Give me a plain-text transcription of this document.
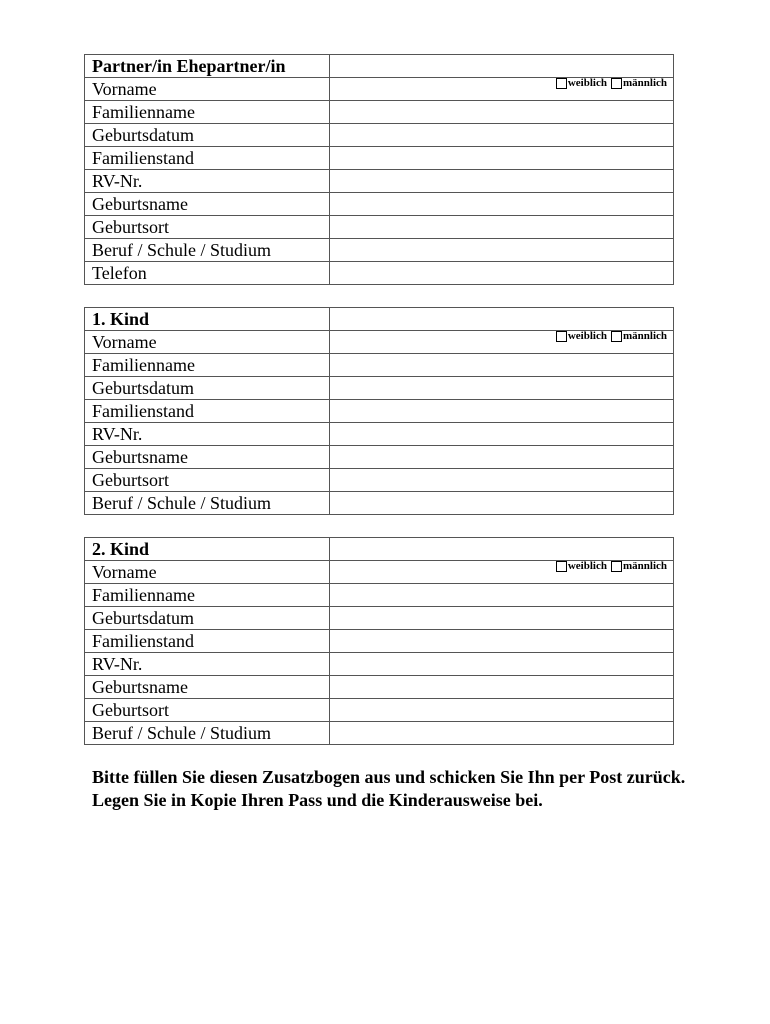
Partner/in Ehepartner/in	
Vorname	weiblich männlich

Familienname	
Geburtsdatum	
Familienstand	
RV-Nr.	
Geburtsname	
Geburtsort	
Beruf / Schule / Studium	
Telefon	
1. Kind	
Vorname	weiblich männlich

Familienname	
Geburtsdatum	
Familienstand	
RV-Nr.	
Geburtsname	
Geburtsort	
Beruf / Schule / Studium	
2. Kind	
Vorname	weiblich männlich

Familienname	
Geburtsdatum	
Familienstand	
RV-Nr.	
Geburtsname	
Geburtsort	
Beruf / Schule / Studium	

Bitte füllen Sie diesen Zusatzbogen aus und schicken Sie Ihn per Post zurück.

Legen Sie in Kopie Ihren Pass und die Kinderausweise bei.
